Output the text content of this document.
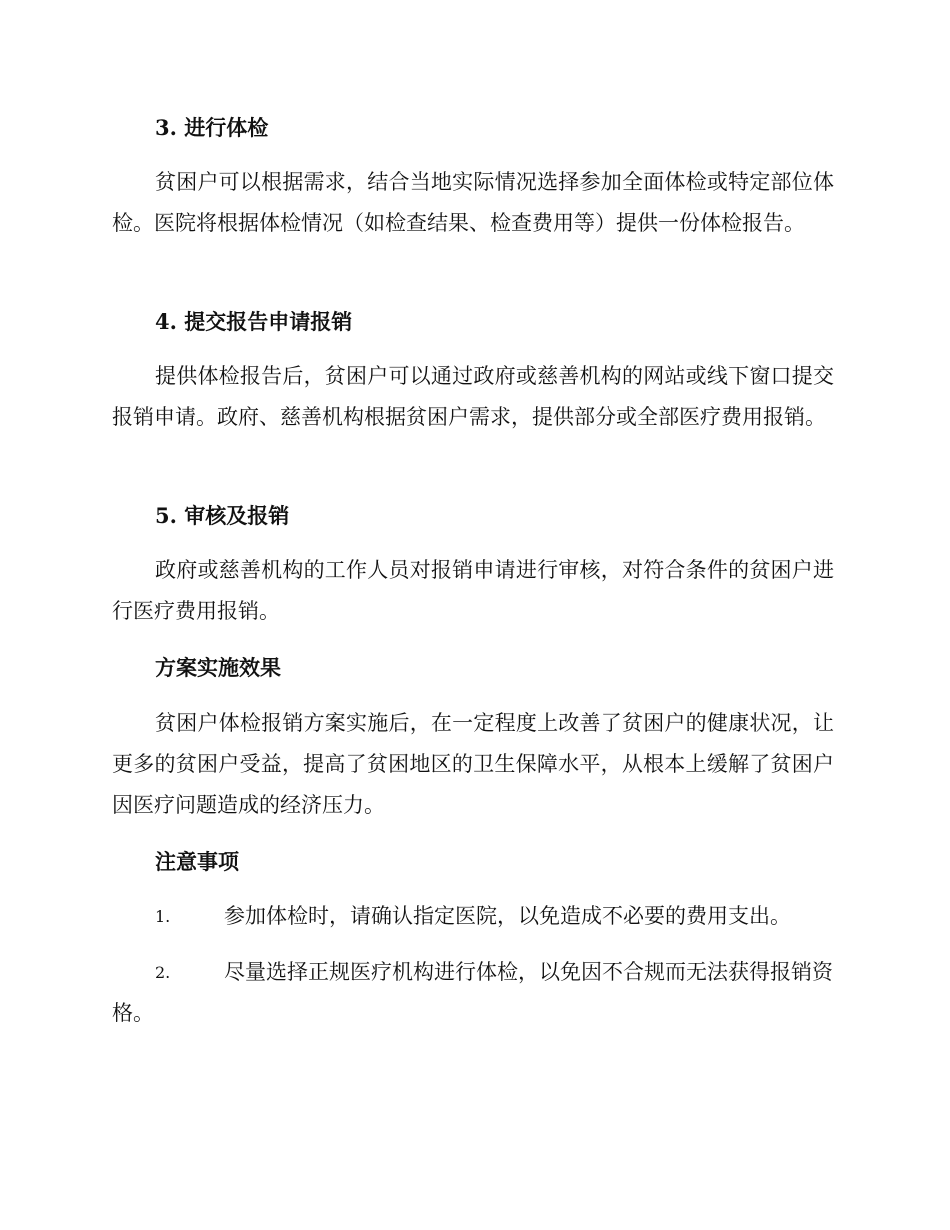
3. 进行体检

贫困户可以根据需求，结合当地实际情况选择参加全面体检或特定部位体检。医院将根据体检情况（如检查结果、检查费用等）提供一份体检报告。

4. 提交报告申请报销

提供体检报告后，贫困户可以通过政府或慈善机构的网站或线下窗口提交报销申请。政府、慈善机构根据贫困户需求，提供部分或全部医疗费用报销。

5. 审核及报销

政府或慈善机构的工作人员对报销申请进行审核，对符合条件的贫困户进行医疗费用报销。

方案实施效果

贫困户体检报销方案实施后，在一定程度上改善了贫困户的健康状况，让更多的贫困户受益，提高了贫困地区的卫生保障水平，从根本上缓解了贫困户因医疗问题造成的经济压力。

注意事项
1.	参加体检时，请确认指定医院，以免造成不必要的费用支出。
2.	尽量选择正规医疗机构进行体检，以免因不合规而无法获得报销资格。
